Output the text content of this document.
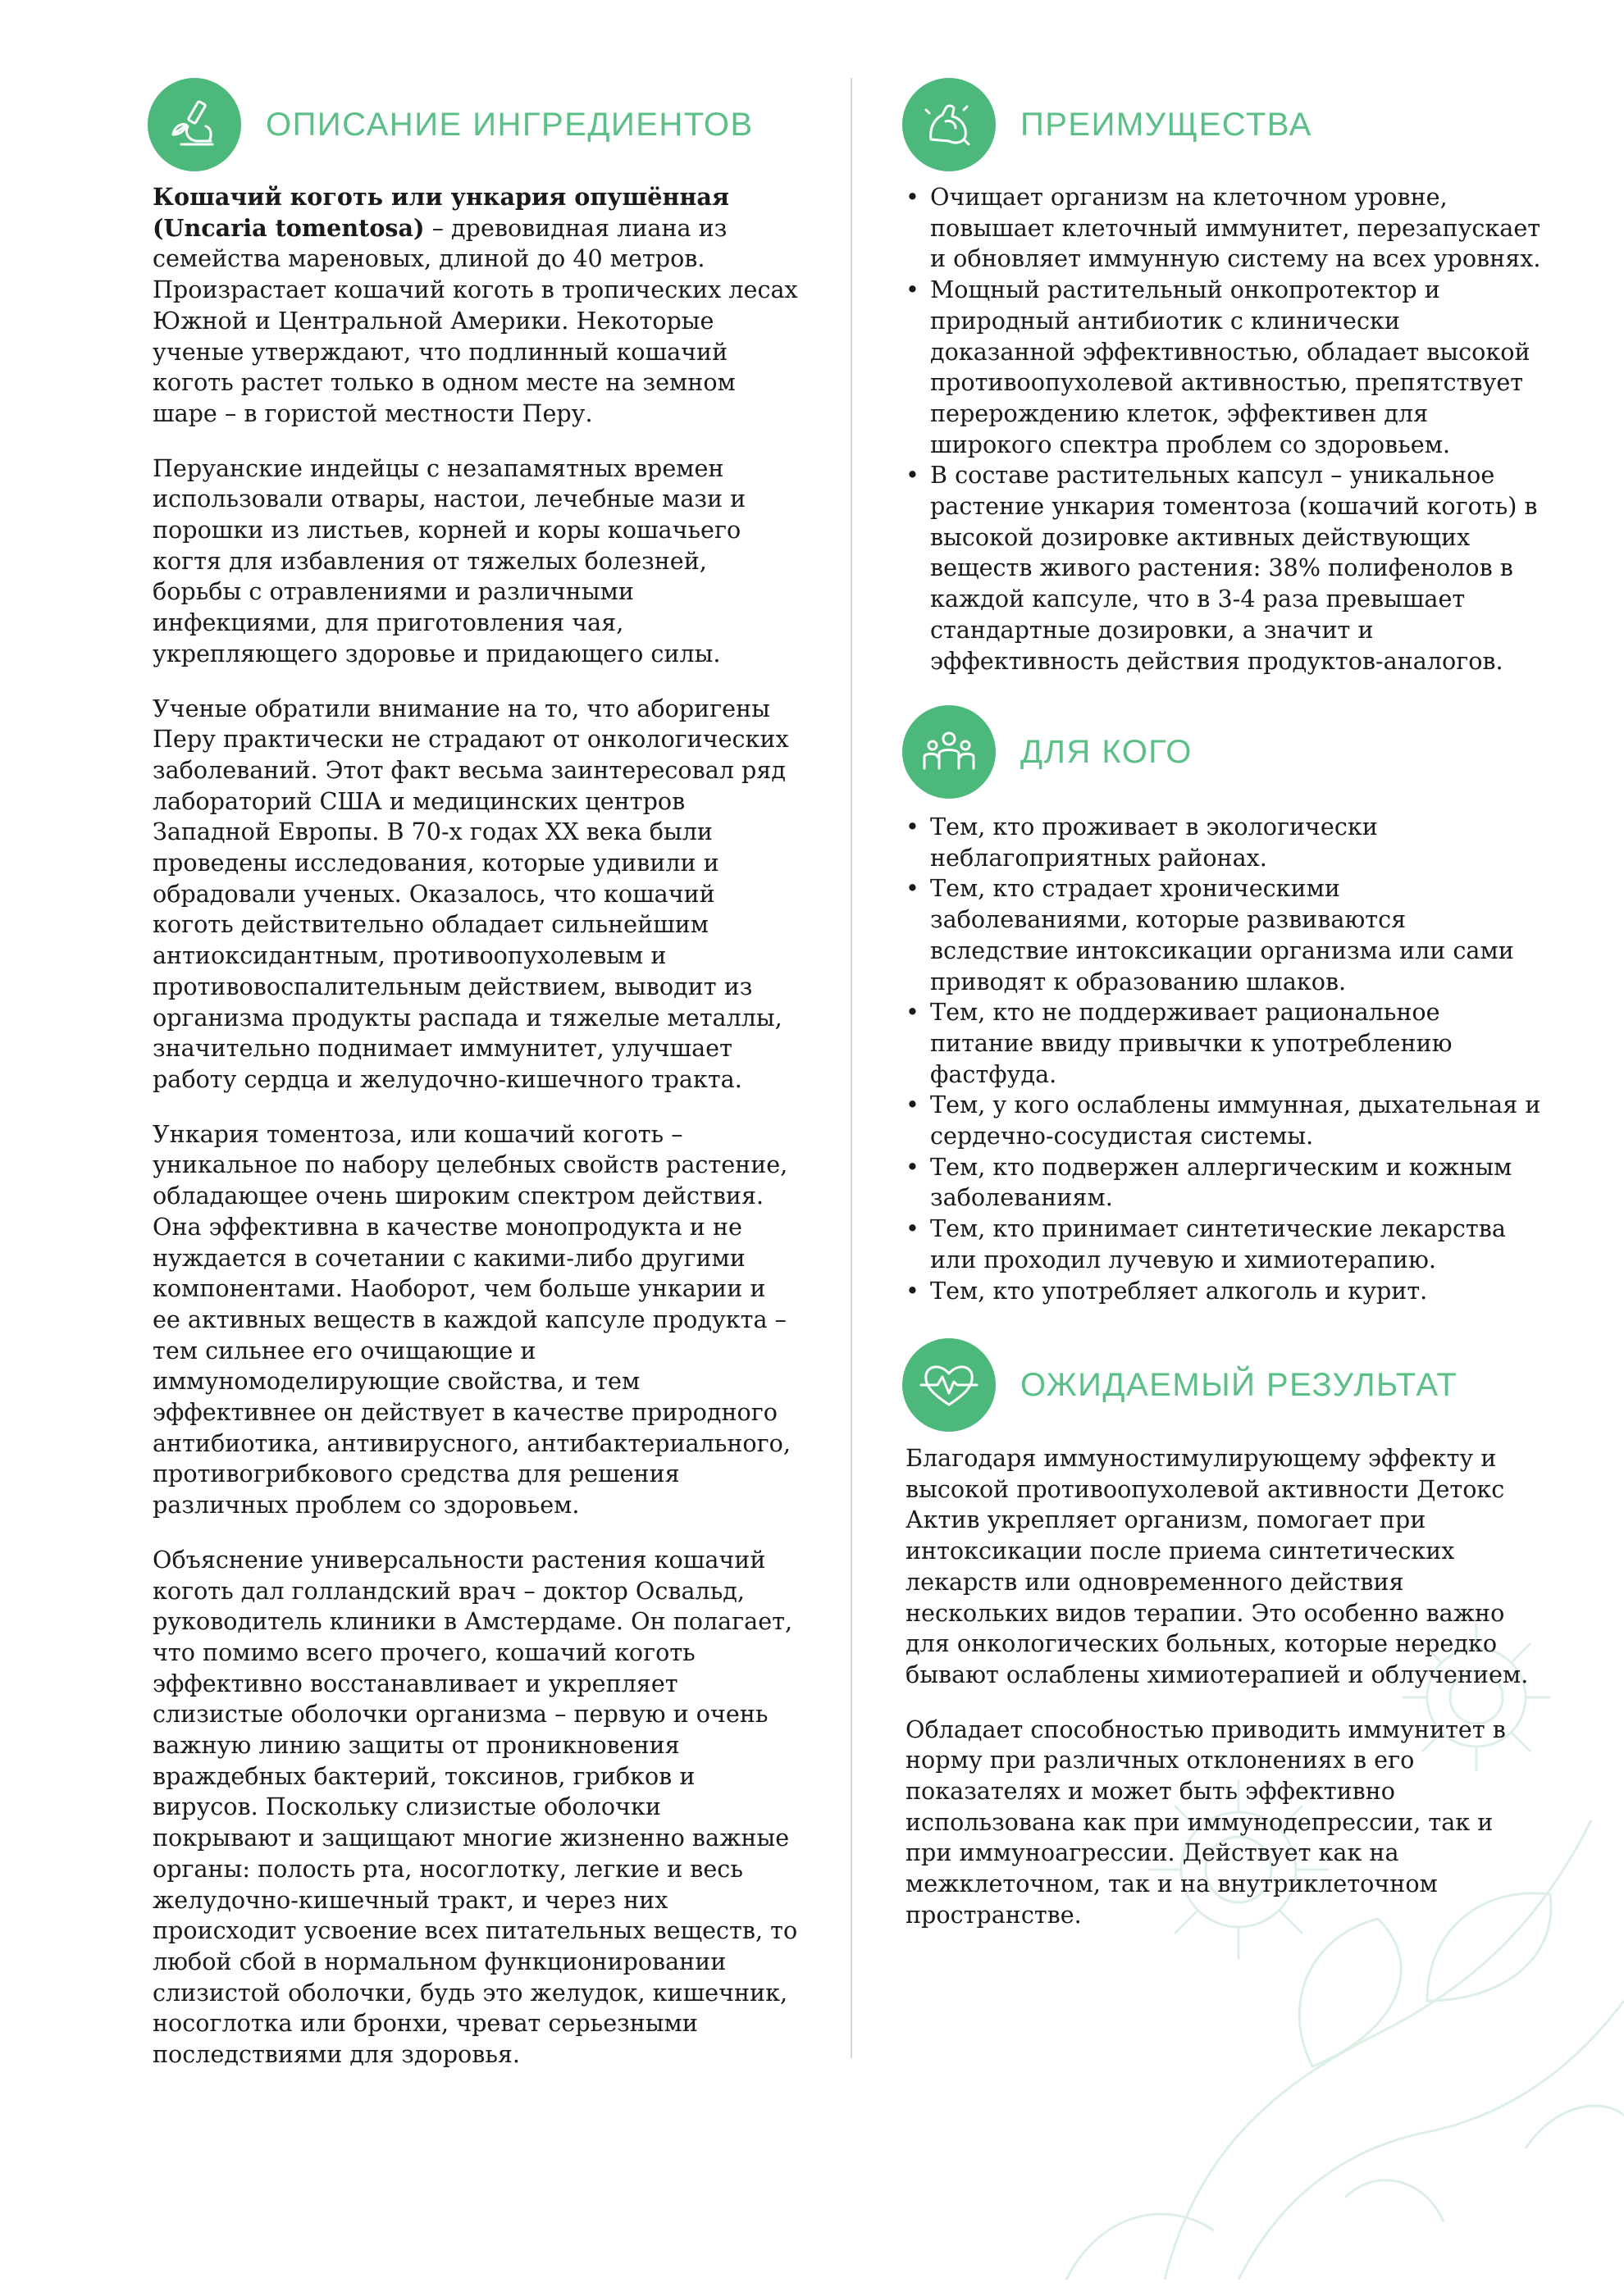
ОПИСАНИЕ ИНГРЕДИЕНТОВ

Кошачий коготь или ункария опушённая (Uncaria tomentosa) – древовидная лиана из семейства мареновых, длиной до 40 метров. Произрастает кошачий коготь в тропических лесах Южной и Центральной Америки. Некоторые ученые утверждают, что подлинный кошачий коготь растет только в одном месте на земном шаре – в гористой местности Перу.

Перуанские индейцы с незапамятных времен использовали отвары, настои, лечебные мази и порошки из листьев, корней и коры кошачьего когтя для избавления от тяжелых болезней, борьбы с отравлениями и различными инфекциями, для приготовления чая, укрепляющего здоровье и придающего силы.

Ученые обратили внимание на то, что аборигены Перу практически не страдают от онкологических заболеваний. Этот факт весьма заинтересовал ряд лабораторий США и медицинских центров Западной Европы. В 70-х годах XX века были проведены исследования, которые удивили и обрадовали ученых. Оказалось, что кошачий коготь действительно обладает сильнейшим антиоксидантным, противоопухолевым и противовоспалительным действием, выводит из организма продукты распада и тяжелые металлы, значительно поднимает иммунитет, улучшает работу сердца и желудочно-кишечного тракта.

Ункария томентоза, или кошачий коготь – уникальное по набору целебных свойств растение, обладающее очень широким спектром действия. Она эффективна в качестве монопродукта и не нуждается в сочетании с какими-либо другими компонентами. Наоборот, чем больше ункарии и ее активных веществ в каждой капсуле продукта – тем сильнее его очищающие и иммуномоделирующие свойства, и тем эффективнее он действует в качестве природного антибиотика, антивирусного, антибактериального, противогрибкового средства для решения различных проблем со здоровьем.

Объяснение универсальности растения кошачий коготь дал голландский врач – доктор Освальд, руководитель клиники в Амстердаме. Он полагает, что помимо всего прочего, кошачий коготь эффективно восстанавливает и укрепляет слизистые оболочки организма – первую и очень важную линию защиты от проникновения враждебных бактерий, токсинов, грибков и вирусов. Поскольку слизистые оболочки покрывают и защищают многие жизненно важные органы: полость рта, носоглотку, легкие и весь желудочно-кишечный тракт, и через них происходит усвоение всех питательных веществ, то любой сбой в нормальном функционировании слизистой оболочки, будь это желудок, кишечник, носоглотка или бронхи, чреват серьезными последствиями для здоровья.

ПРЕИМУЩЕСТВА
• Очищает организм на клеточном уровне, повышает клеточный иммунитет, перезапускает и обновляет иммунную систему на всех уровнях.
• Мощный растительный онкопротектор и природный антибиотик с клинически доказанной эффективностью, обладает высокой противоопухолевой активностью, препятствует перерождению клеток, эффективен для широкого спектра проблем со здоровьем.
• В составе растительных капсул – уникальное растение ункария томентоза (кошачий коготь) в высокой дозировке активных действующих веществ живого растения: 38% полифенолов в каждой капсуле, что в 3-4 раза превышает стандартные дозировки, а значит и эффективность действия продуктов-аналогов.
ДЛЯ КОГО
• Тем, кто проживает в экологически неблагоприятных районах.
• Тем, кто страдает хроническими заболеваниями, которые развиваются вследствие интоксикации организма или сами приводят к образованию шлаков.
• Тем, кто не поддерживает рациональное питание ввиду привычки к употреблению фастфуда.
• Тем, у кого ослаблены иммунная, дыхательная и сердечно-сосудистая системы.
• Тем, кто подвержен аллергическим и кожным заболеваниям.
• Тем, кто принимает синтетические лекарства или проходил лучевую и химиотерапию.
• Тем, кто употребляет алкоголь и курит.
ОЖИДАЕМЫЙ РЕЗУЛЬТАТ

Благодаря иммуностимулирующему эффекту и высокой противоопухолевой активности Детокс Актив укрепляет организм, помогает при интоксикации после приема синтетических лекарств или одновременного действия нескольких видов терапии. Это особенно важно для онкологических больных, которые нередко бывают ослаблены химиотерапией и облучением.

Обладает способностью приводить иммунитет в норму при различных отклонениях в его показателях и может быть эффективно использована как при иммунодепрессии, так и при иммуноагрессии. Действует как на межклеточном, так и на внутриклеточном пространстве.
